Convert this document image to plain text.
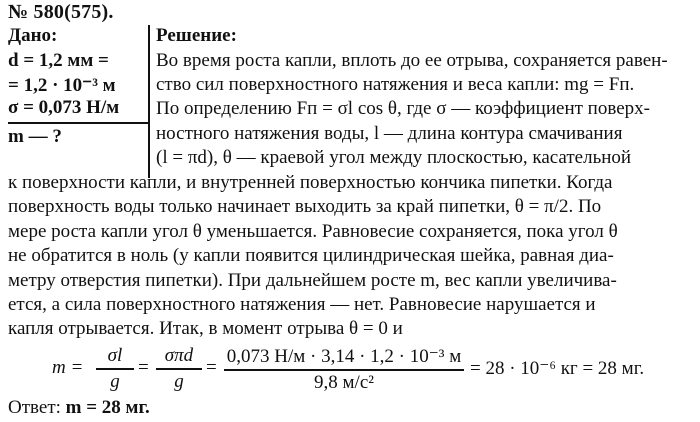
№ 580(575).
Дано:
d = 1,2 мм =
= 1,2 · 10⁻³ м
σ = 0,073 Н/м
m — ?
Решение:
Во время роста капли, вплоть до ее отрыва, сохраняется равен-
ство сил поверхностного натяжения и веса капли: mg = Fп.
По определению Fп = σl cos θ, где σ — коэффициент поверх-
ностного натяжения воды, l — длина контура смачивания
(l = πd), θ — краевой угол между плоскостью, касательной
к поверхности капли, и внутренней поверхностью кончика пипетки. Когда
поверхность воды только начинает выходить за край пипетки, θ = π/2. По
мере роста капли угол θ уменьшается. Равновесие сохраняется, пока угол θ
не обратится в ноль (у капли появится цилиндрическая шейка, равная диа-
метру отверстия пипетки). При дальнейшем росте m, вес капли увеличива-
ется, а сила поверхностного натяжения — нет. Равновесие нарушается и
капля отрывается. Итак, в момент отрыва θ = 0 и
m =
σl
g
=
σπd
g
=
0,073 Н/м · 3,14 · 1,2 · 10⁻³ м
9,8 м/с²
= 28 · 10⁻⁶ кг = 28 мг.
Ответ: m = 28 мг.
